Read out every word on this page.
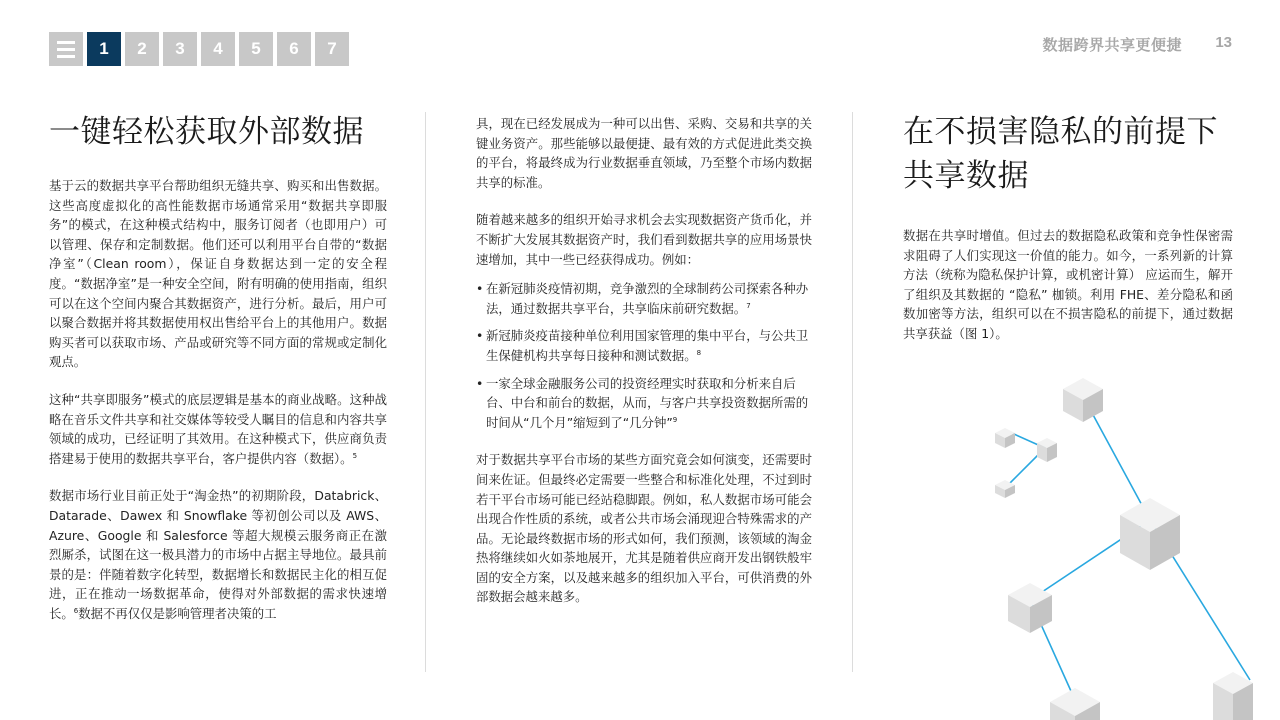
1	2	3	4	5	6	7	数据跨界共享更便捷 13
一键轻松获取外部数据

基于云的数据共享平台帮助组织无缝共享、购买和出售数据。这些高度虚拟化的高性能数据市场通常采用“数据共享即服务”的模式，在这种模式结构中，服务订阅者（也即用户）可以管理、保存和定制数据。他们还可以利用平台自带的“数据净室”（Clean room），保证自身数据达到一定的安全程度。“数据净室”是一种安全空间，附有明确的使用指南，组织可以在这个空间内聚合其数据资产，进行分析。最后，用户可以聚合数据并将其数据使用权出售给平台上的其他用户。数据购买者可以获取市场、产品或研究等不同方面的常规或定制化观点。

这种“共享即服务”模式的底层逻辑是基本的商业战略。这种战略在音乐文件共享和社交媒体等较受人瞩目的信息和内容共享领域的成功，已经证明了其效用。在这种模式下，供应商负责搭建易于使用的数据共享平台，客户提供内容（数据）。$^5$

数据市场行业目前正处于“淘金热”的初期阶段，Databrick、Datarade、Dawex 和 Snowflake 等初创公司以及 AWS、Azure、Google 和 Salesforce 等超大规模云服务商正在激烈厮杀，试图在这一极具潜力的市场中占据主导地位。最具前景的是：伴随着数字化转型，数据增长和数据民主化的相互促进，正在推动一场数据革命，使得对外部数据的需求快速增长。$^6$数据不再仅仅是影响管理者决策的工

具，现在已经发展成为一种可以出售、采购、交易和共享的关键业务资产。那些能够以最便捷、最有效的方式促进此类交换的平台，将最终成为行业数据垂直领域，乃至整个市场内数据共享的标准。

随着越来越多的组织开始寻求机会去实现数据资产货币化，并不断扩大发展其数据资产时，我们看到数据共享的应用场景快速增加，其中一些已经获得成功。例如：

• 在新冠肺炎疫情初期，竞争激烈的全球制药公司探索各种办法，通过数据共享平台，共享临床前研究数据。$^7$
• 新冠肺炎疫苗接种单位利用国家管理的集中平台，与公共卫生保健机构共享每日接种和测试数据。$^8$
• 一家全球金融服务公司的投资经理实时获取和分析来自后台、中台和前台的数据，从而，与客户共享投资数据所需的时间从“几个月”缩短到了“几分钟”$^9$

对于数据共享平台市场的某些方面究竟会如何演变，还需要时间来佐证。但最终必定需要一些整合和标准化处理，不过到时若干平台市场可能已经站稳脚跟。例如，私人数据市场可能会出现合作性质的系统，或者公共市场会涌现迎合特殊需求的产品。无论最终数据市场的形式如何，我们预测，该领域的淘金热将继续如火如荼地展开，尤其是随着供应商开发出钢铁般牢固的安全方案，以及越来越多的组织加入平台，可供消费的外部数据会越来越多。

在不损害隐私的前提下
共享数据

数据在共享时增值。但过去的数据隐私政策和竞争性保密需求阻碍了人们实现这一价值的能力。如今，一系列新的计算方法（统称为隐私保护计算，或机密计算） 应运而生，解开了组织及其数据的 “隐私” 枷锁。利用 FHE、差分隐私和函数加密等方法，组织可以在不损害隐私的前提下，通过数据共享获益（图 1）。
